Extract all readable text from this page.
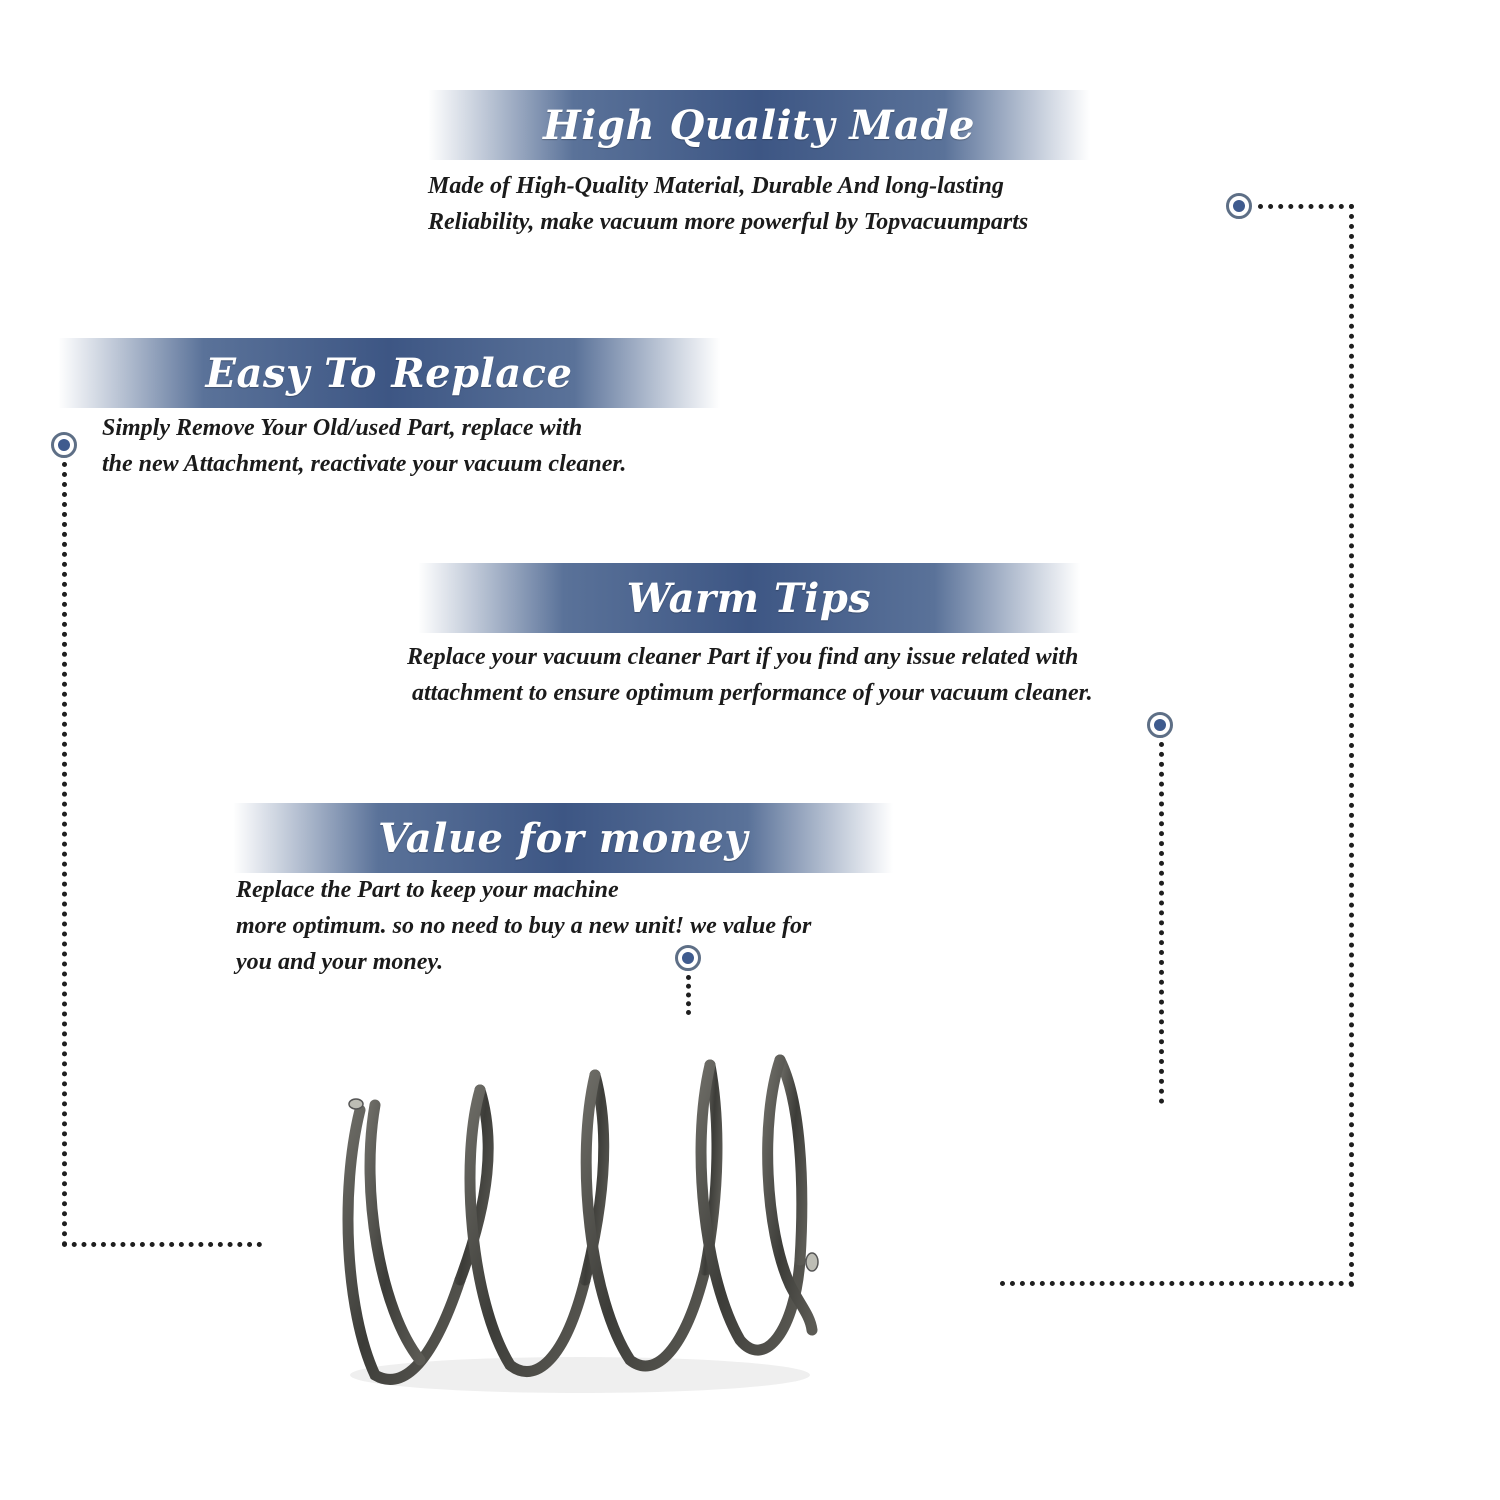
High Quality Made

Made of High-Quality Material, Durable And long-lasting
Reliability, make vacuum more powerful by Topvacuumparts

Easy To Replace

Simply Remove Your Old/used Part, replace with
the new Attachment, reactivate your vacuum cleaner.

Warm Tips

Replace your vacuum cleaner Part if you find any issue related with
attachment to ensure optimum performance of your vacuum cleaner.

Value for money

Replace the Part to keep your machine
more optimum. so no need to buy a new unit! we value for
you and your money.
